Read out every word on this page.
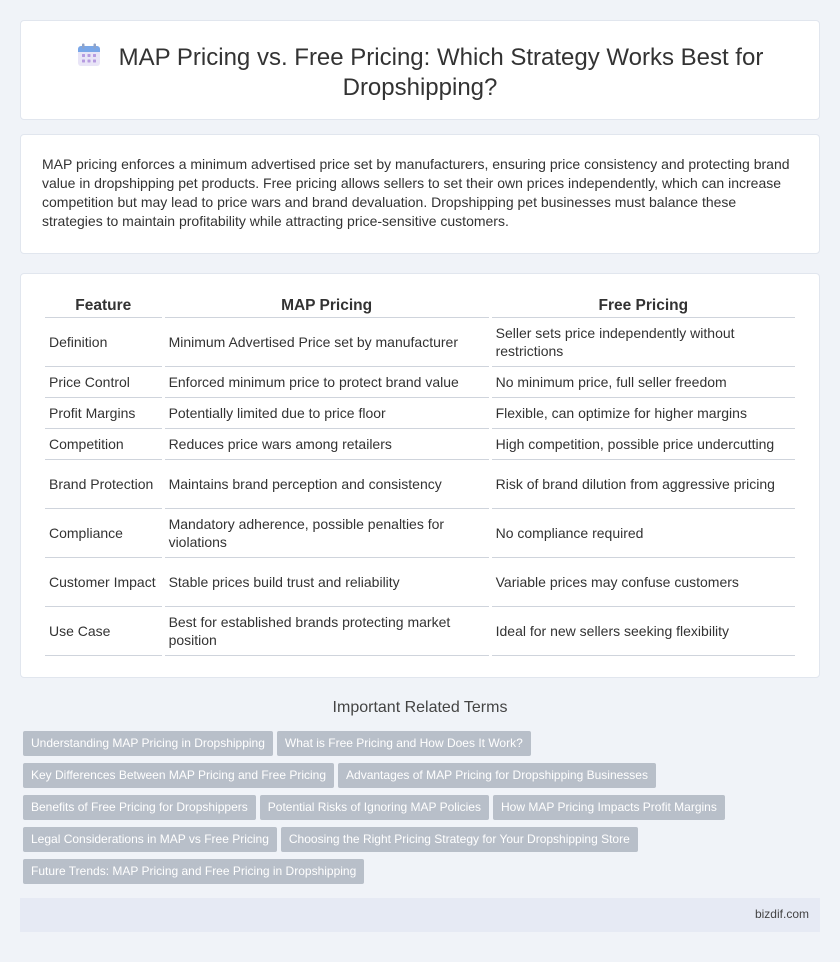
MAP Pricing vs. Free Pricing: Which Strategy Works Best for Dropshipping?

MAP pricing enforces a minimum advertised price set by manufacturers, ensuring price consistency and protecting brand value in dropshipping pet products. Free pricing allows sellers to set their own prices independently, which can increase competition but may lead to price wars and brand devaluation. Dropshipping pet businesses must balance these strategies to maintain profitability while attracting price-sensitive customers.

Feature	MAP Pricing	Free Pricing
Definition	Minimum Advertised Price set by manufacturer	Seller sets price independently without restrictions
Price Control	Enforced minimum price to protect brand value	No minimum price, full seller freedom
Profit Margins	Potentially limited due to price floor	Flexible, can optimize for higher margins
Competition	Reduces price wars among retailers	High competition, possible price undercutting
Brand Protection	Maintains brand perception and consistency	Risk of brand dilution from aggressive pricing
Compliance	Mandatory adherence, possible penalties for violations	No compliance required
Customer Impact	Stable prices build trust and reliability	Variable prices may confuse customers
Use Case	Best for established brands protecting market position	Ideal for new sellers seeking flexibility
Important Related Terms
Understanding MAP Pricing in Dropshipping What is Free Pricing and How Does It Work?
Key Differences Between MAP Pricing and Free Pricing Advantages of MAP Pricing for Dropshipping Businesses
Benefits of Free Pricing for Dropshippers Potential Risks of Ignoring MAP Policies How MAP Pricing Impacts Profit Margins
Legal Considerations in MAP vs Free Pricing Choosing the Right Pricing Strategy for Your Dropshipping Store
Future Trends: MAP Pricing and Free Pricing in Dropshipping
bizdif.com
